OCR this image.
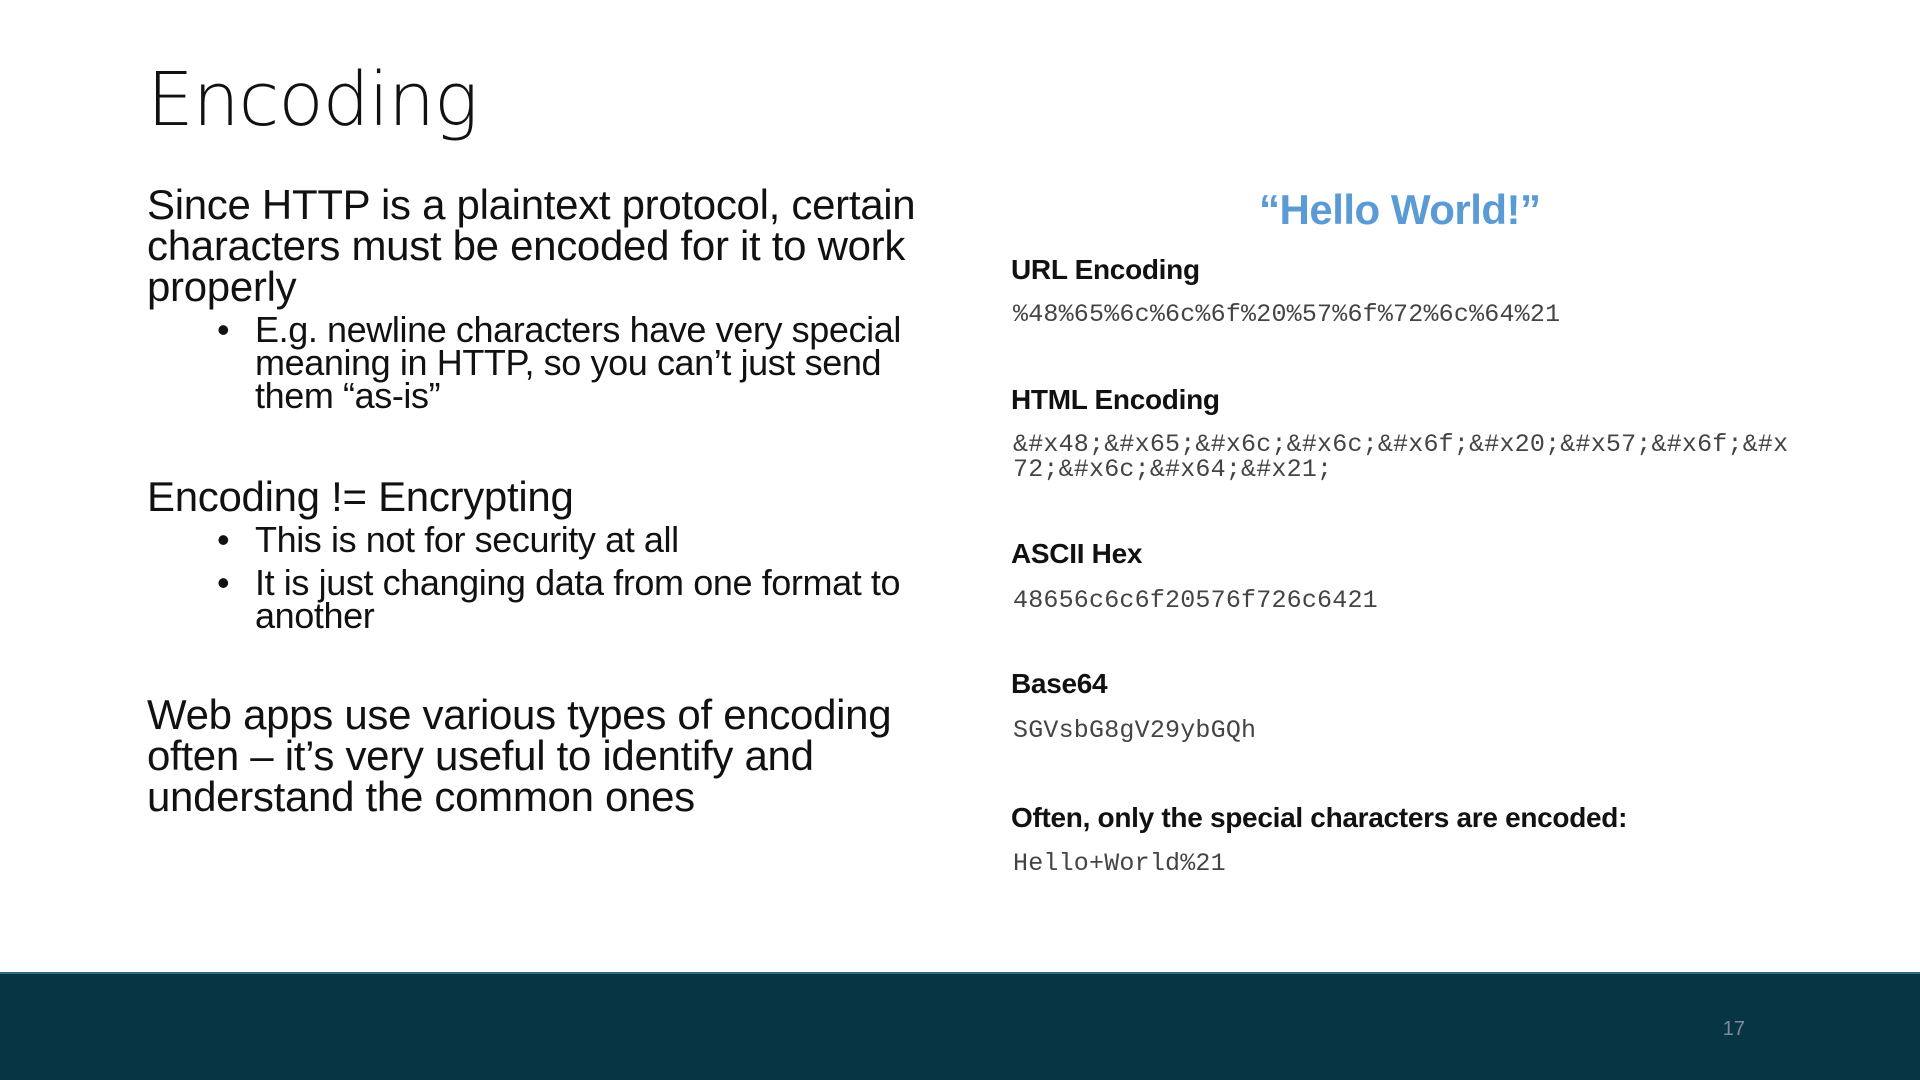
Encoding

Since HTTP is a plaintext protocol, certain characters must be encoded for it to work properly

• E.g. newline characters have very special meaning in HTTP, so you can’t just send them “as-is”

Encoding != Encrypting

• This is not for security at all
• It is just changing data from one format to another

Web apps use various types of encoding often – it’s very useful to identify and understand the common ones

“Hello World!”
URL Encoding
%48%65%6c%6c%6f%20%57%6f%72%6c%64%21
HTML Encoding
&#x48;&#x65;&#x6c;&#x6c;&#x6f;&#x20;&#x57;&#x6f;&#x72;&#x6c;&#x64;&#x21;
ASCII Hex
48656c6c6f20576f726c6421
Base64
SGVsbG8gV29ybGQh
Often, only the special characters are encoded:
Hello+World%21
17
